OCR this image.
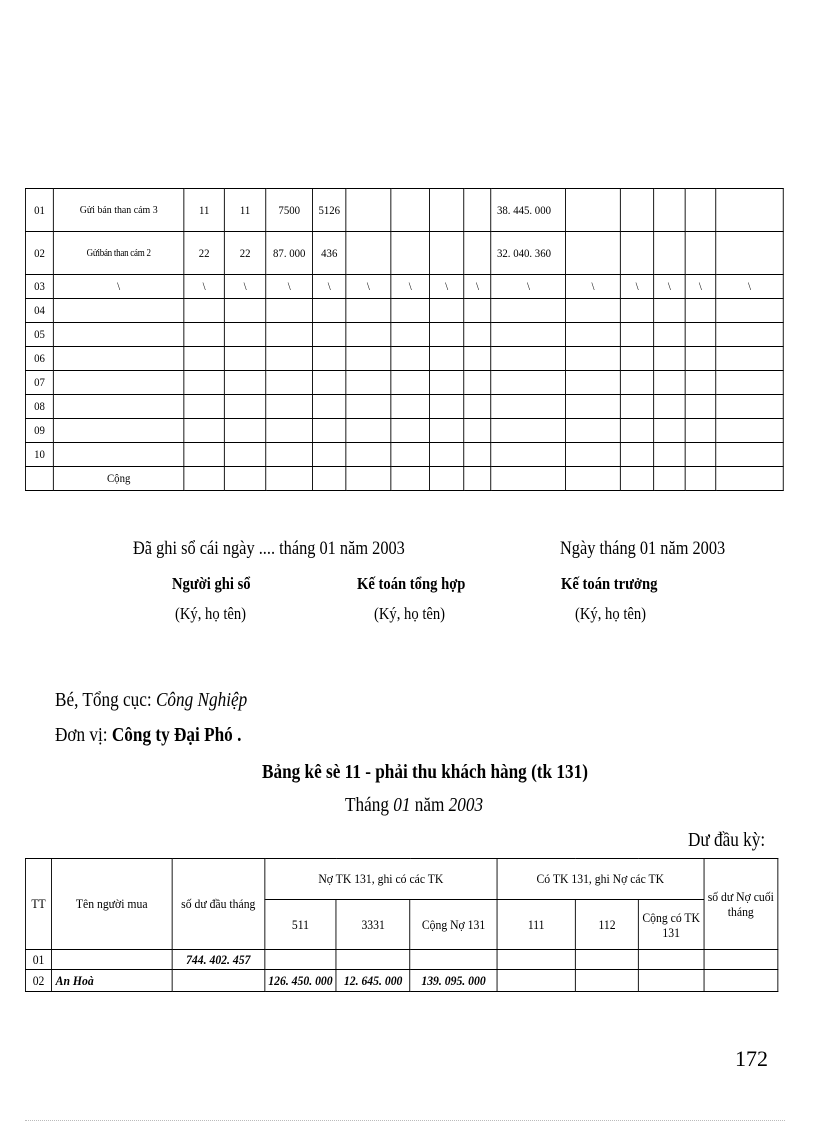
01	Gửi bán than cám 3	11	11	7500	5126					38. 445. 000					
02	Gửibán than cám 2	22	22	87. 000	436					32. 040. 360					
03	\	\	\	\	\	\	\	\	\	\	\	\	\	\	\
04															
05															
06															
07															
08															
09															
10															
	Cộng														
Đã ghi sổ cái ngày .... tháng 01 năm 2003	Ngày tháng 01 năm 2003
Người ghi sổ	Kế toán tổng hợp	Kế toán trưởng
(Ký, họ tên)	(Ký, họ tên)	(Ký, họ tên)
Bé, Tổng cục: Công Nghiệp
Đơn vị: Công ty Đại Phó .
Bảng kê sè 11 - phải thu khách hàng (tk 131)
Tháng 01 năm 2003
Dư đầu kỳ:
TT	Tên người mua	số dư đầu tháng	Nợ TK 131, ghi có các TK			Có TK 131, ghi Nợ các TK			số dư Nợ cuối tháng
			511	3331	Cộng Nợ 131	111	112	Cộng có TK 131	
01		744. 402. 457							
02	An Hoà		126. 450. 000	12. 645. 000	139. 095. 000				
172
